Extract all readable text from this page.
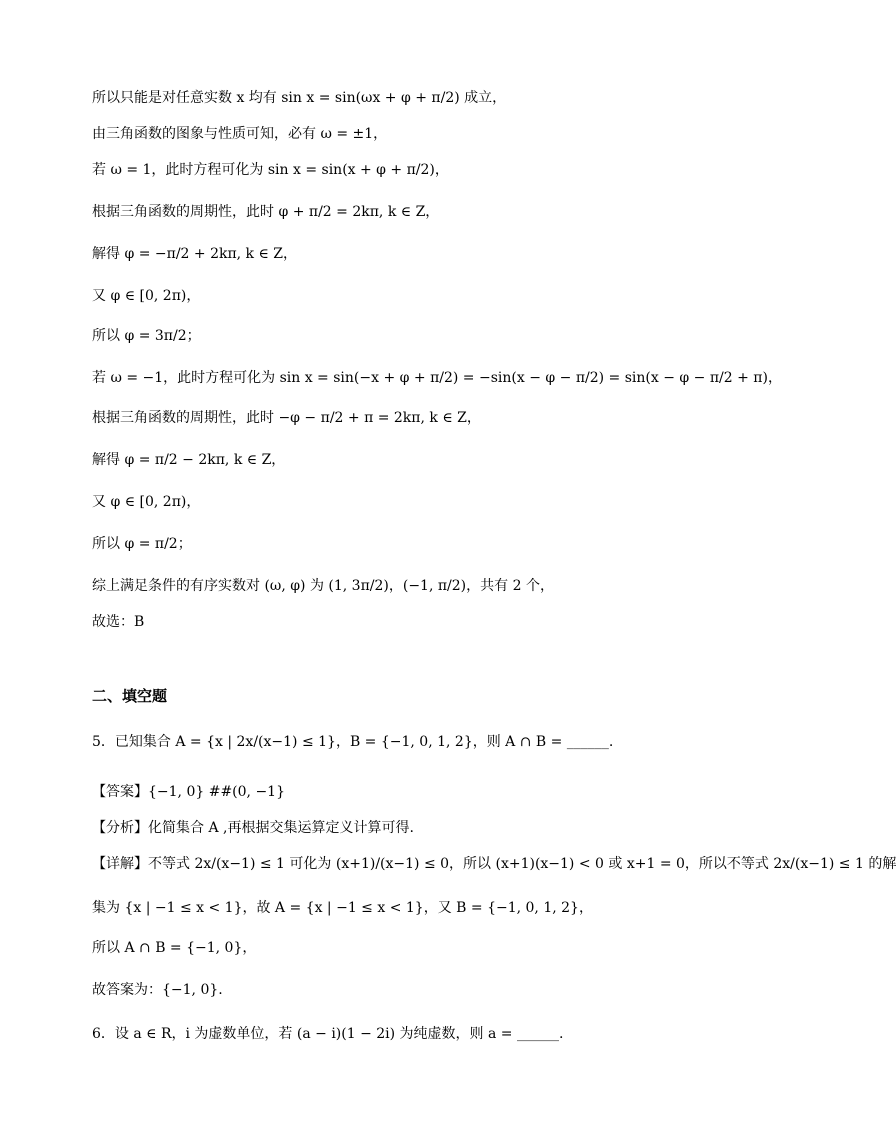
所以只能是对任意实数 x 均有 sin x = sin(ωx + φ + π/2) 成立，
由三角函数的图象与性质可知，必有 ω = ±1，
若 ω = 1，此时方程可化为 sin x = sin(x + φ + π/2)，
根据三角函数的周期性，此时 φ + π/2 = 2kπ, k ∈ Z，
解得 φ = −π/2 + 2kπ, k ∈ Z，
又 φ ∈ [0, 2π)，
所以 φ = 3π/2；
若 ω = −1，此时方程可化为 sin x = sin(−x + φ + π/2) = −sin(x − φ − π/2) = sin(x − φ − π/2 + π)，
根据三角函数的周期性，此时 −φ − π/2 + π = 2kπ, k ∈ Z，
解得 φ = π/2 − 2kπ, k ∈ Z，
又 φ ∈ [0, 2π)，
所以 φ = π/2；
综上满足条件的有序实数对 (ω, φ) 为 (1, 3π/2)，(−1, π/2)，共有 2 个，
故选：B
二、填空题
5．已知集合 A = {x | 2x/(x−1) ≤ 1}，B = {−1, 0, 1, 2}，则 A ∩ B = ______.
【答案】{−1, 0} ##(0, −1}
【分析】化简集合 A ,再根据交集运算定义计算可得.
【详解】不等式 2x/(x−1) ≤ 1 可化为 (x+1)/(x−1) ≤ 0，所以 (x+1)(x−1) < 0 或 x+1 = 0，所以不等式 2x/(x−1) ≤ 1 的解
集为 {x | −1 ≤ x < 1}，故 A = {x | −1 ≤ x < 1}，又 B = {−1, 0, 1, 2}，
所以 A ∩ B = {−1, 0}，
故答案为：{−1, 0}.
6．设 a ∈ R，i 为虚数单位，若 (a − i)(1 − 2i) 为纯虚数，则 a = ______.
